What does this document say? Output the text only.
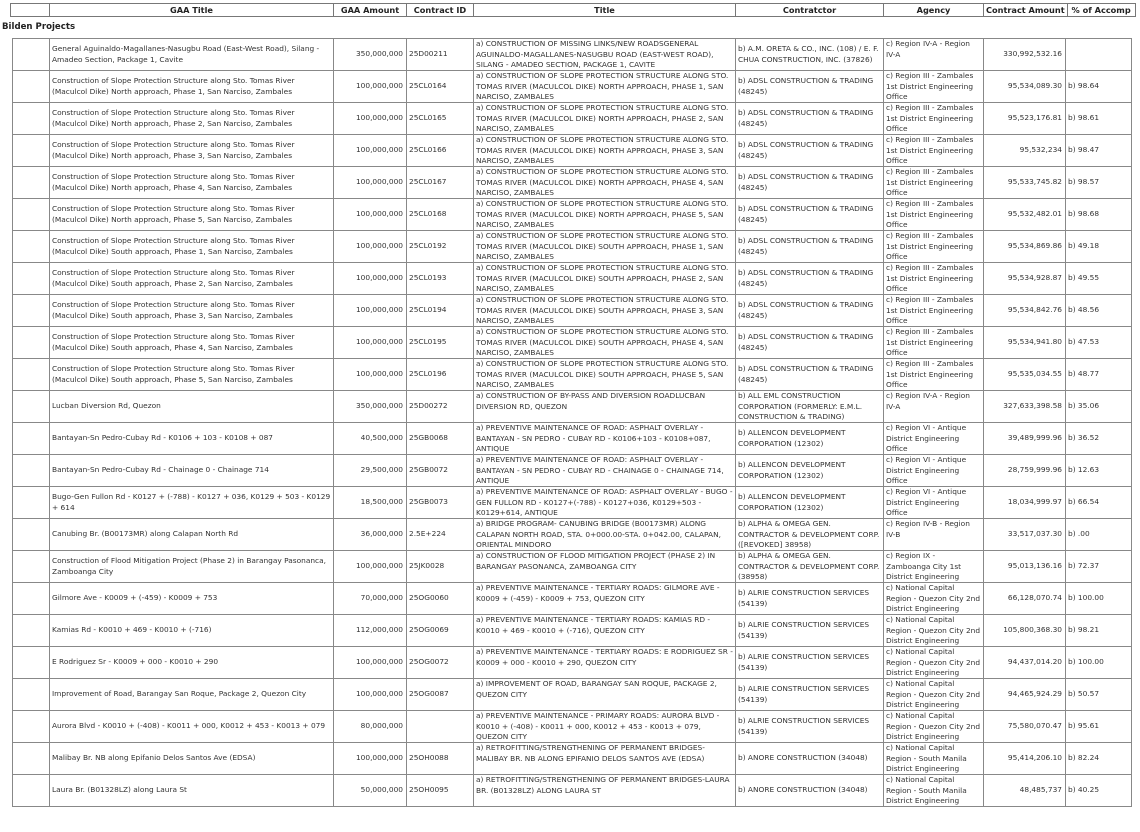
	GAA Title	GAA Amount	Contract ID	Title	Contratctor	Agency	Contract Amount	% of Accomp
Bilden Projects
	General Aguinaldo-Magallanes-Nasugbu Road (East-West Road), Silang - Amadeo Section, Package 1, Cavite	350,000,000	25D00211	a) CONSTRUCTION OF MISSING LINKS/NEW ROADSGENERAL AGUINALDO-MAGALLANES-NASUGBU ROAD (EAST-WEST ROAD), SILANG - AMADEO SECTION, PACKAGE 1, CAVITE	b) A.M. ORETA & CO., INC. (108) / E. F. CHUA CONSTRUCTION, INC. (37826)	c) Region IV-A - Region IV-A	330,992,532.16	
	Construction of Slope Protection Structure along Sto. Tomas River (Maculcol Dike) North approach, Phase 1, San Narciso, Zambales	100,000,000	25CL0164	a) CONSTRUCTION OF SLOPE PROTECTION STRUCTURE ALONG STO. TOMAS RIVER (MACULCOL DIKE) NORTH APPROACH, PHASE 1, SAN NARCISO, ZAMBALES	b) ADSL CONSTRUCTION & TRADING (48245)	c) Region III - Zambales 1st District Engineering Office	95,534,089.30	b) 98.64
	Construction of Slope Protection Structure along Sto. Tomas River (Maculcol Dike) North approach, Phase 2, San Narciso, Zambales	100,000,000	25CL0165	a) CONSTRUCTION OF SLOPE PROTECTION STRUCTURE ALONG STO. TOMAS RIVER (MACULCOL DIKE) NORTH APPROACH, PHASE 2, SAN NARCISO, ZAMBALES	b) ADSL CONSTRUCTION & TRADING (48245)	c) Region III - Zambales 1st District Engineering Office	95,523,176.81	b) 98.61
	Construction of Slope Protection Structure along Sto. Tomas River (Maculcol Dike) North approach, Phase 3, San Narciso, Zambales	100,000,000	25CL0166	a) CONSTRUCTION OF SLOPE PROTECTION STRUCTURE ALONG STO. TOMAS RIVER (MACULCOL DIKE) NORTH APPROACH, PHASE 3, SAN NARCISO, ZAMBALES	b) ADSL CONSTRUCTION & TRADING (48245)	c) Region III - Zambales 1st District Engineering Office	95,532,234	b) 98.47
	Construction of Slope Protection Structure along Sto. Tomas River (Maculcol Dike) North approach, Phase 4, San Narciso, Zambales	100,000,000	25CL0167	a) CONSTRUCTION OF SLOPE PROTECTION STRUCTURE ALONG STO. TOMAS RIVER (MACULCOL DIKE) NORTH APPROACH, PHASE 4, SAN NARCISO, ZAMBALES	b) ADSL CONSTRUCTION & TRADING (48245)	c) Region III - Zambales 1st District Engineering Office	95,533,745.82	b) 98.57
	Construction of Slope Protection Structure along Sto. Tomas River (Maculcol Dike) North approach, Phase 5, San Narciso, Zambales	100,000,000	25CL0168	a) CONSTRUCTION OF SLOPE PROTECTION STRUCTURE ALONG STO. TOMAS RIVER (MACULCOL DIKE) NORTH APPROACH, PHASE 5, SAN NARCISO, ZAMBALES	b) ADSL CONSTRUCTION & TRADING (48245)	c) Region III - Zambales 1st District Engineering Office	95,532,482.01	b) 98.68
	Construction of Slope Protection Structure along Sto. Tomas River (Maculcol Dike) South approach, Phase 1, San Narciso, Zambales	100,000,000	25CL0192	a) CONSTRUCTION OF SLOPE PROTECTION STRUCTURE ALONG STO. TOMAS RIVER (MACULCOL DIKE) SOUTH APPROACH, PHASE 1, SAN NARCISO, ZAMBALES	b) ADSL CONSTRUCTION & TRADING (48245)	c) Region III - Zambales 1st District Engineering Office	95,534,869.86	b) 49.18
	Construction of Slope Protection Structure along Sto. Tomas River (Maculcol Dike) South approach, Phase 2, San Narciso, Zambales	100,000,000	25CL0193	a) CONSTRUCTION OF SLOPE PROTECTION STRUCTURE ALONG STO. TOMAS RIVER (MACULCOL DIKE) SOUTH APPROACH, PHASE 2, SAN NARCISO, ZAMBALES	b) ADSL CONSTRUCTION & TRADING (48245)	c) Region III - Zambales 1st District Engineering Office	95,534,928.87	b) 49.55
	Construction of Slope Protection Structure along Sto. Tomas River (Maculcol Dike) South approach, Phase 3, San Narciso, Zambales	100,000,000	25CL0194	a) CONSTRUCTION OF SLOPE PROTECTION STRUCTURE ALONG STO. TOMAS RIVER (MACULCOL DIKE) SOUTH APPROACH, PHASE 3, SAN NARCISO, ZAMBALES	b) ADSL CONSTRUCTION & TRADING (48245)	c) Region III - Zambales 1st District Engineering Office	95,534,842.76	b) 48.56
	Construction of Slope Protection Structure along Sto. Tomas River (Maculcol Dike) South approach, Phase 4, San Narciso, Zambales	100,000,000	25CL0195	a) CONSTRUCTION OF SLOPE PROTECTION STRUCTURE ALONG STO. TOMAS RIVER (MACULCOL DIKE) SOUTH APPROACH, PHASE 4, SAN NARCISO, ZAMBALES	b) ADSL CONSTRUCTION & TRADING (48245)	c) Region III - Zambales 1st District Engineering Office	95,534,941.80	b) 47.53
	Construction of Slope Protection Structure along Sto. Tomas River (Maculcol Dike) South approach, Phase 5, San Narciso, Zambales	100,000,000	25CL0196	a) CONSTRUCTION OF SLOPE PROTECTION STRUCTURE ALONG STO. TOMAS RIVER (MACULCOL DIKE) SOUTH APPROACH, PHASE 5, SAN NARCISO, ZAMBALES	b) ADSL CONSTRUCTION & TRADING (48245)	c) Region III - Zambales 1st District Engineering Office	95,535,034.55	b) 48.77
	Lucban Diversion Rd, Quezon	350,000,000	25D00272	a) CONSTRUCTION OF BY-PASS AND DIVERSION ROADLUCBAN DIVERSION RD, QUEZON	b) ALL EML CONSTRUCTION CORPORATION (FORMERLY: E.M.L. CONSTRUCTION & TRADING)	c) Region IV-A - Region IV-A	327,633,398.58	b) 35.06
	Bantayan-Sn Pedro-Cubay Rd - K0106 + 103 - K0108 + 087	40,500,000	25GB0068	a) PREVENTIVE MAINTENANCE OF ROAD: ASPHALT OVERLAY - BANTAYAN - SN PEDRO - CUBAY RD - K0106+103 - K0108+087, ANTIQUE	b) ALLENCON DEVELOPMENT CORPORATION (12302)	c) Region VI - Antique District Engineering Office	39,489,999.96	b) 36.52
	Bantayan-Sn Pedro-Cubay Rd - Chainage 0 - Chainage 714	29,500,000	25GB0072	a) PREVENTIVE MAINTENANCE OF ROAD: ASPHALT OVERLAY - BANTAYAN - SN PEDRO - CUBAY RD - CHAINAGE 0 - CHAINAGE 714, ANTIQUE	b) ALLENCON DEVELOPMENT CORPORATION (12302)	c) Region VI - Antique District Engineering Office	28,759,999.96	b) 12.63
	Bugo-Gen Fullon Rd - K0127 + (-788) - K0127 + 036, K0129 + 503 - K0129 + 614	18,500,000	25GB0073	a) PREVENTIVE MAINTENANCE OF ROAD: ASPHALT OVERLAY - BUGO - GEN FULLON RD - K0127+(-788) - K0127+036, K0129+503 - K0129+614, ANTIQUE	b) ALLENCON DEVELOPMENT CORPORATION (12302)	c) Region VI - Antique District Engineering Office	18,034,999.97	b) 66.54
	Canubing Br. (B00173MR) along Calapan North Rd	36,000,000	2.5E+224	a) BRIDGE PROGRAM- CANUBING BRIDGE (B00173MR) ALONG CALAPAN NORTH ROAD, STA. 0+000.00-STA. 0+042.00, CALAPAN, ORIENTAL MINDORO	b) ALPHA & OMEGA GEN. CONTRACTOR & DEVELOPMENT CORP. ([REVOKED] 38958)	c) Region IV-B - Region IV-B	33,517,037.30	b) .00
	Construction of Flood Mitigation Project (Phase 2) in Barangay Pasonanca, Zamboanga City	100,000,000	25JK0028	a) CONSTRUCTION OF FLOOD MITIGATION PROJECT (PHASE 2) IN BARANGAY PASONANCA, ZAMBOANGA CITY	b) ALPHA & OMEGA GEN. CONTRACTOR & DEVELOPMENT CORP. (38958)	c) Region IX - Zamboanga City 1st District Engineering	95,013,136.16	b) 72.37
	Gilmore Ave - K0009 + (-459) - K0009 + 753	70,000,000	25OG0060	a) PREVENTIVE MAINTENANCE - TERTIARY ROADS: GILMORE AVE - K0009 + (-459) - K0009 + 753, QUEZON CITY	b) ALRIE CONSTRUCTION SERVICES (54139)	c) National Capital Region - Quezon City 2nd District Engineering	66,128,070.74	b) 100.00
	Kamias Rd - K0010 + 469 - K0010 + (-716)	112,000,000	25OG0069	a) PREVENTIVE MAINTENANCE - TERTIARY ROADS: KAMIAS RD - K0010 + 469 - K0010 + (-716), QUEZON CITY	b) ALRIE CONSTRUCTION SERVICES (54139)	c) National Capital Region - Quezon City 2nd District Engineering	105,800,368.30	b) 98.21
	E Rodriguez Sr - K0009 + 000 - K0010 + 290	100,000,000	25OG0072	a) PREVENTIVE MAINTENANCE - TERTIARY ROADS: E RODRIGUEZ SR - K0009 + 000 - K0010 + 290, QUEZON CITY	b) ALRIE CONSTRUCTION SERVICES (54139)	c) National Capital Region - Quezon City 2nd District Engineering	94,437,014.20	b) 100.00
	Improvement of Road, Barangay San Roque, Package 2, Quezon City	100,000,000	25OG0087	a) IMPROVEMENT OF ROAD, BARANGAY SAN ROQUE, PACKAGE 2, QUEZON CITY	b) ALRIE CONSTRUCTION SERVICES (54139)	c) National Capital Region - Quezon City 2nd District Engineering	94,465,924.29	b) 50.57
	Aurora Blvd - K0010 + (-408) - K0011 + 000, K0012 + 453 - K0013 + 079	80,000,000		a) PREVENTIVE MAINTENANCE - PRIMARY ROADS: AURORA BLVD - K0010 + (-408) - K0011 + 000, K0012 + 453 - K0013 + 079, QUEZON CITY	b) ALRIE CONSTRUCTION SERVICES (54139)	c) National Capital Region - Quezon City 2nd District Engineering	75,580,070.47	b) 95.61
	Malibay Br. NB along Epifanio Delos Santos Ave (EDSA)	100,000,000	25OH0088	a) RETROFITTING/STRENGTHENING OF PERMANENT BRIDGES-MALIBAY BR. NB ALONG EPIFANIO DELOS SANTOS AVE (EDSA)	b) ANORE CONSTRUCTION (34048)	c) National Capital Region - South Manila District Engineering	95,414,206.10	b) 82.24
	Laura Br. (B01328LZ) along Laura St	50,000,000	25OH0095	a) RETROFITTING/STRENGTHENING OF PERMANENT BRIDGES-LAURA BR. (B01328LZ) ALONG LAURA ST	b) ANORE CONSTRUCTION (34048)	c) National Capital Region - South Manila District Engineering	48,485,737	b) 40.25
